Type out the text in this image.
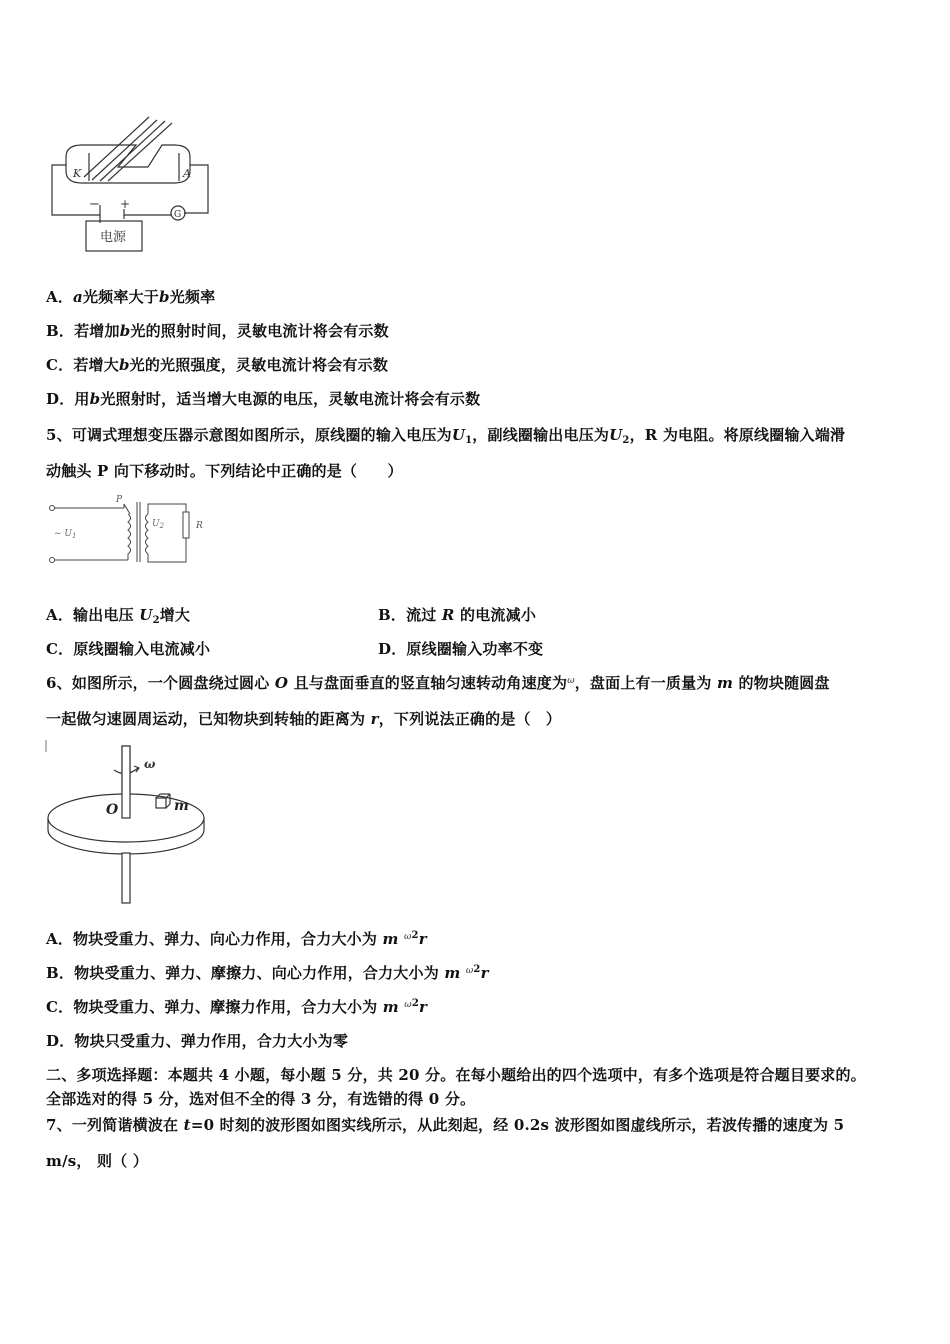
K	A
− +
G
电源
A．a光频率大于b光频率
B．若增加b光的照射时间，灵敏电流计将会有示数
C．若增大b光的光照强度，灵敏电流计将会有示数
D．用b光照射时，适当增大电源的电压，灵敏电流计将会有示数
5、可调式理想变压器示意图如图所示，原线圈的输入电压为$U_1$，副线圈输出电压为$U_2$，R 为电阻。将原线圈输入端滑
动触头 P 向下移动时。下列结论中正确的是（　　）
P
~ $U_1$
$U_2$	R
A．输出电压 $U_2$增大	B．流过 R 的电流减小
C．原线圈输入电流减小	D．原线圈输入功率不变
6、如图所示，一个圆盘绕过圆心 O 且与盘面垂直的竖直轴匀速转动角速度为$^\omega$，盘面上有一质量为 m 的物块随圆盘
一起做匀速圆周运动，已知物块到转轴的距离为 r，下列说法正确的是（　）
ω
O	m
A．物块受重力、弹力、向心力作用，合力大小为 m $^{\omega 2}$r
B．物块受重力、弹力、摩擦力、向心力作用，合力大小为 m $^{\omega 2}$r
C．物块受重力、弹力、摩擦力作用，合力大小为 m $^{\omega 2}$r
D．物块只受重力、弹力作用，合力大小为零
二、多项选择题：本题共 4 小题，每小题 5 分，共 20 分。在每小题给出的四个选项中，有多个选项是符合题目要求的。
全部选对的得 5 分，选对但不全的得 3 分，有选错的得 0 分。
7、一列简谐横波在 t=0 时刻的波形图如图实线所示，从此刻起，经 0.2s 波形图如图虚线所示，若波传播的速度为 5
m/s， 则（ ）
